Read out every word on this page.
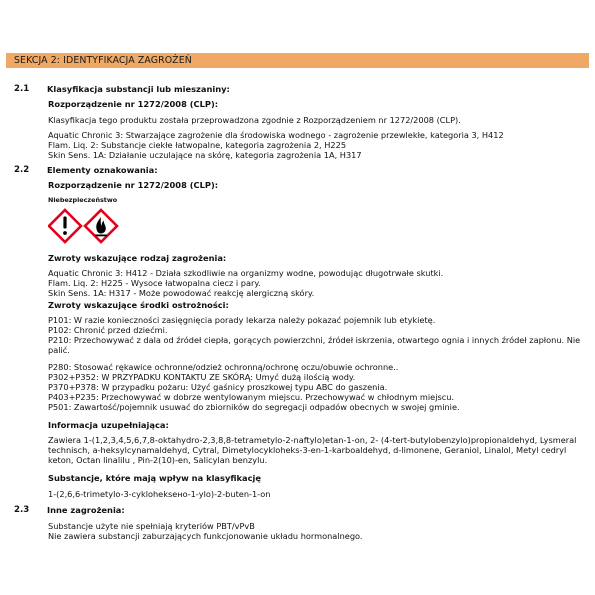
SEKCJA 2: IDENTYFIKACJA ZAGROŻEŃ
2.1 Klasyfikacja substancji lub mieszaniny:
Rozporządzenie nr 1272/2008 (CLP):
Klasyfikacja tego produktu została przeprowadzona zgodnie z Rozporządzeniem nr 1272/2008 (CLP).
Aquatic Chronic 3: Stwarzające zagrożenie dla środowiska wodnego - zagrożenie przewlekłe, kategoria 3, H412
Flam. Liq. 2: Substancje ciekłe łatwopalne, kategoria zagrożenia 2, H225
Skin Sens. 1A: Działanie uczulające na skórę, kategoria zagrożenia 1A, H317
2.2 Elementy oznakowania:
Rozporządzenie nr 1272/2008 (CLP):
Niebezpieczeństwo
Zwroty wskazujące rodzaj zagrożenia:
Aquatic Chronic 3: H412 - Działa szkodliwie na organizmy wodne, powodując długotrwałe skutki.
Flam. Liq. 2: H225 - Wysoce łatwopalna ciecz i pary.
Skin Sens. 1A: H317 - Może powodować reakcję alergiczną skóry.
Zwroty wskazujące środki ostrożności:
P101: W razie konieczności zasięgnięcia porady lekarza należy pokazać pojemnik lub etykietę.
P102: Chronić przed dziećmi.
P210: Przechowywać z dala od źródeł ciepła, gorących powierzchni, źródeł iskrzenia, otwartego ognia i innych źródeł zapłonu. Nie palić.
P280: Stosować rękawice ochronne/odzież ochronną/ochronę oczu/obuwie ochronne..
P302+P352: W PRZYPADKU KONTAKTU ZE SKÓRĄ: Umyć dużą ilością wody.
P370+P378: W przypadku pożaru: Użyć gaśnicy proszkowej typu ABC do gaszenia.
P403+P235: Przechowywać w dobrze wentylowanym miejscu. Przechowywać w chłodnym miejscu.
P501: Zawartość/pojemnik usuwać do zbiorników do segregacji odpadów obecnych w swojej gminie.
Informacja uzupełniająca:
Zawiera 1-(1,2,3,4,5,6,7,8-oktahydro-2,3,8,8-tetrametylo-2-naftylo)etan-1-on, 2- (4-tert-butylobenzylo)propionaldehyd, Lysmeral technisch, a-heksylcynamaldehyd, Cytral, Dimetylocykloheks-3-en-1-karboaldehyd, d-limonene, Geraniol, Linalol, Metyl cedryl keton, Octan linaliIu , Pin-2(10)-en, Salicylan benzylu.
Substancje, które mają wpływ na klasyfikację
1-(2,6,6-trimetylo-3-cykloheksено-1-ylo)-2-buten-1-on
2.3 Inne zagrożenia:
Substancje użyte nie spełniają kryteriów PBT/vPvB
Nie zawiera substancji zaburzających funkcjonowanie układu hormonalnego.
